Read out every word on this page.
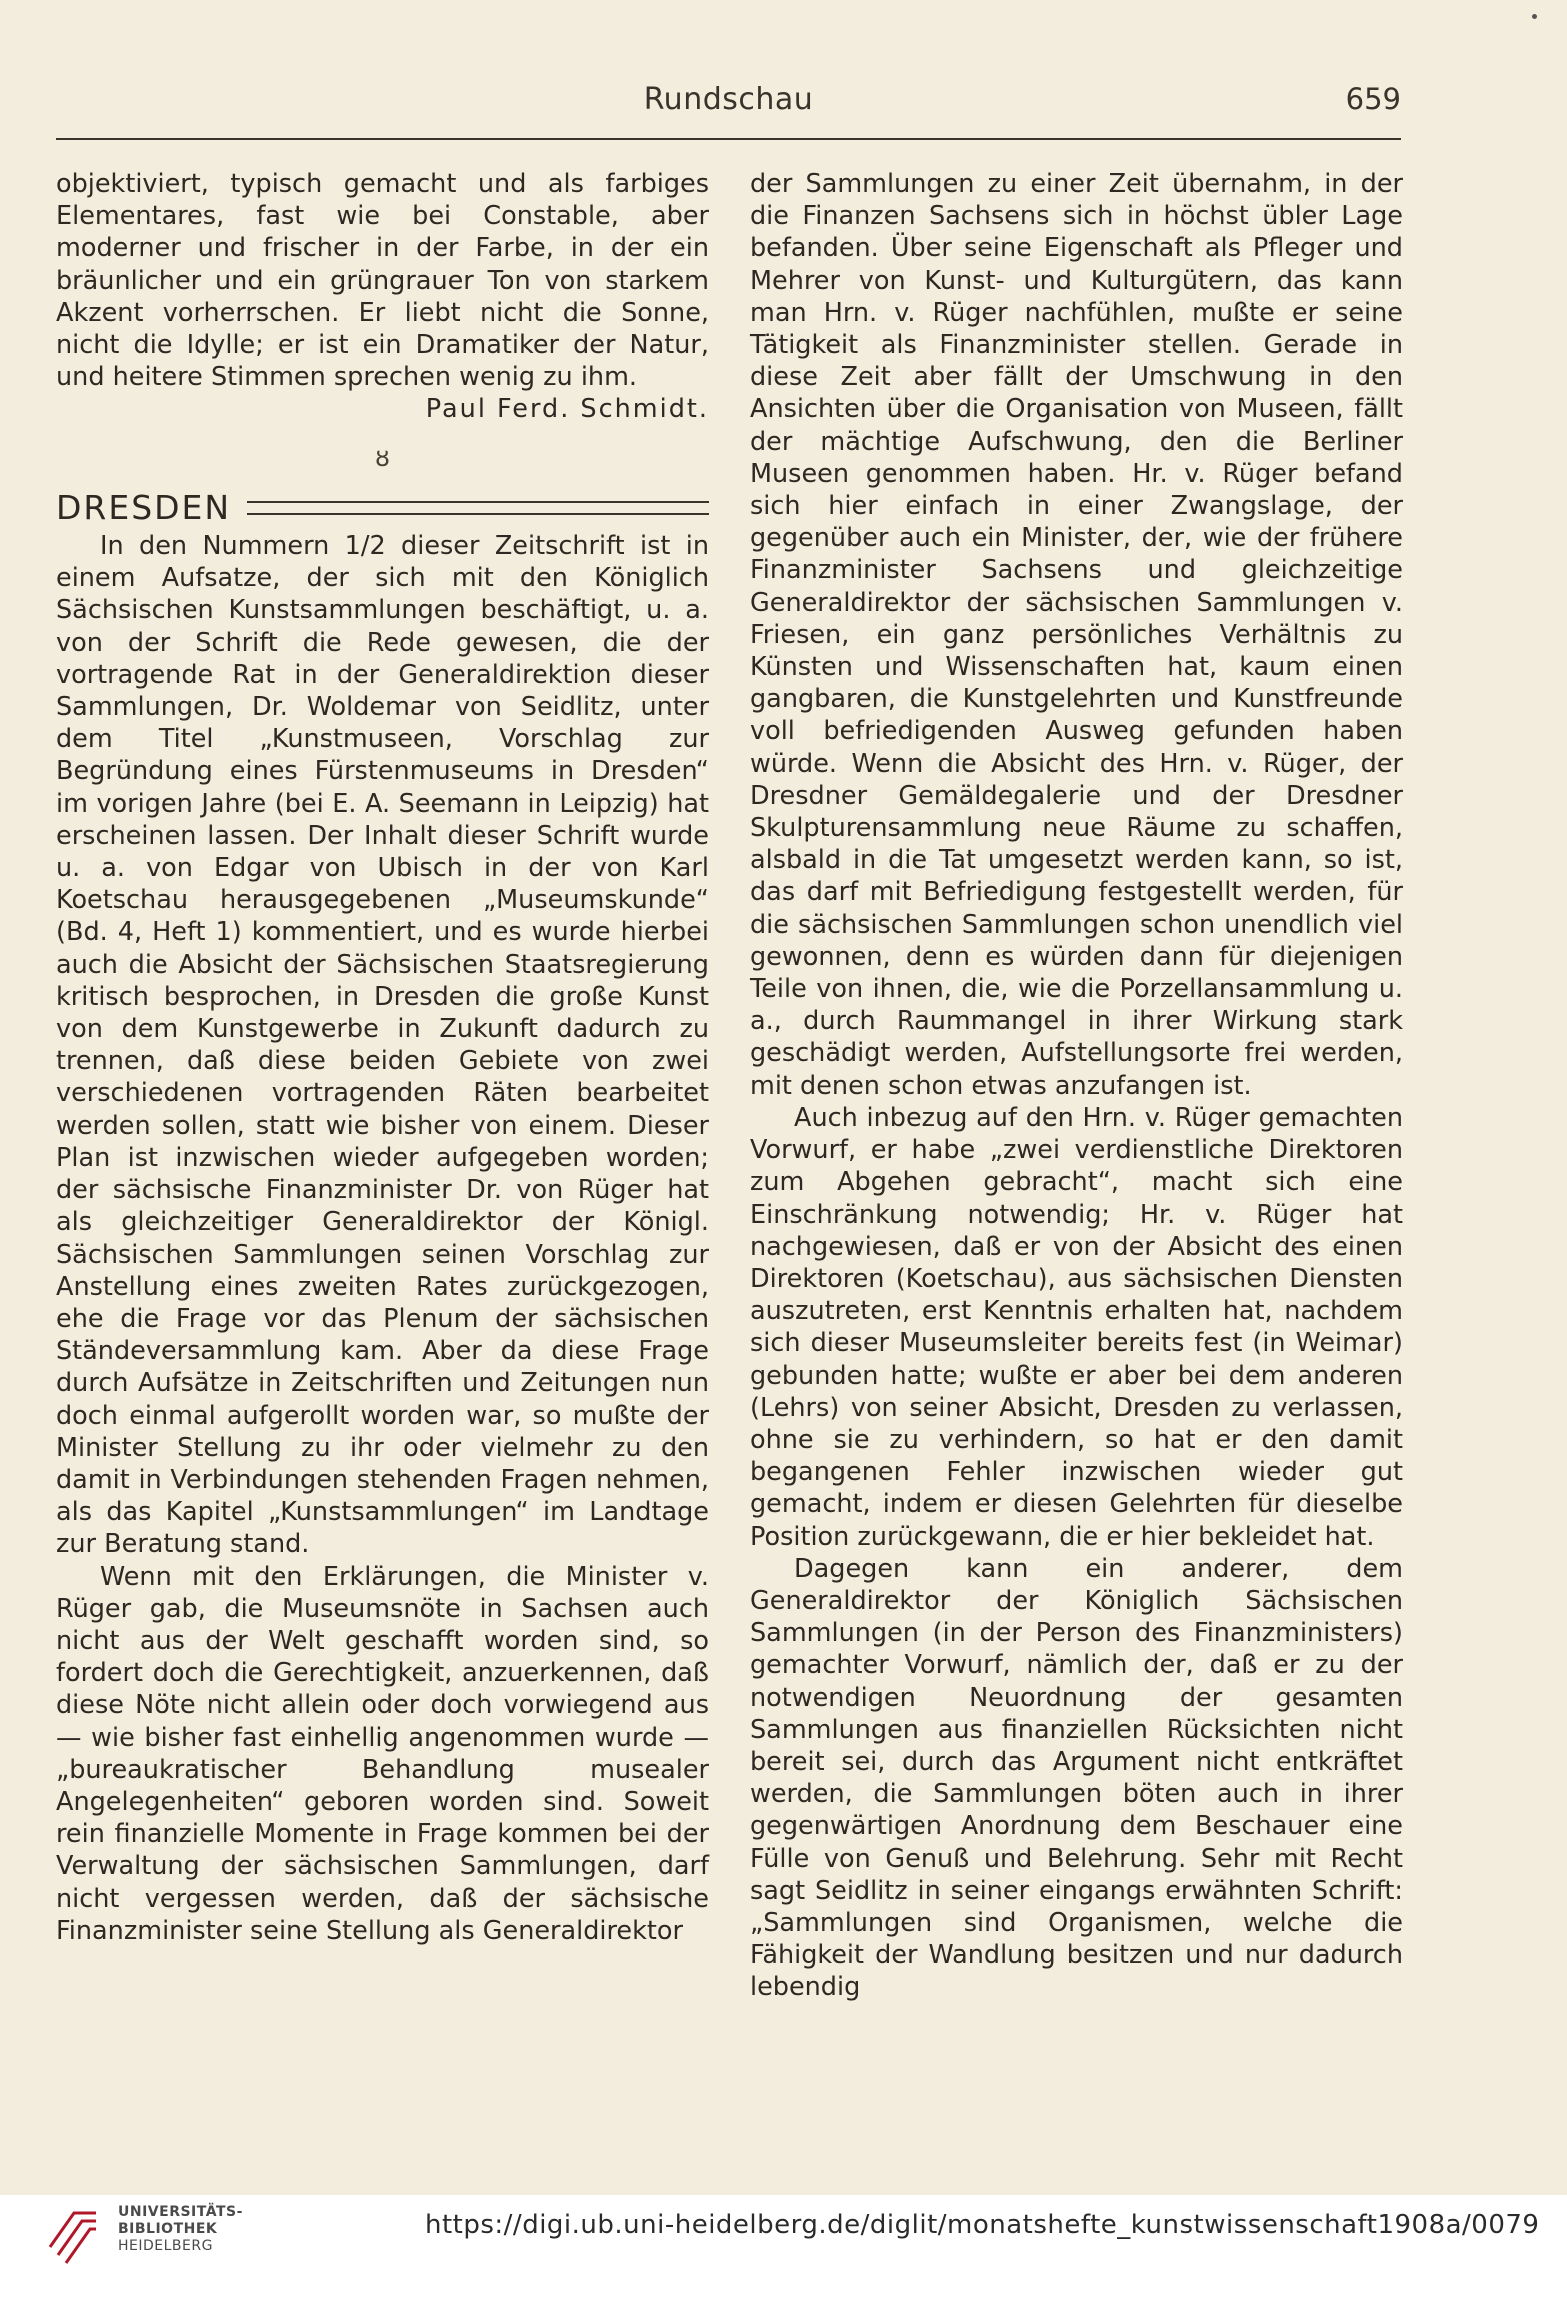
Rundschau	659

objektiviert, typisch gemacht und als farbiges Elementares, fast wie bei Constable, aber moderner und frischer in der Farbe, in der ein bräunlicher und ein grüngrauer Ton von starkem Akzent vorherrschen. Er liebt nicht die Sonne, nicht die Idylle; er ist ein Dramatiker der Natur, und heitere Stimmen sprechen wenig zu ihm.

Paul Ferd. Schmidt.

ȣ
DRESDEN

In den Nummern 1/2 dieser Zeitschrift ist in einem Aufsatze, der sich mit den Königlich Sächsischen Kunstsammlungen beschäftigt, u. a. von der Schrift die Rede gewesen, die der vortragende Rat in der Generaldirektion dieser Sammlungen, Dr. Woldemar von Seidlitz, unter dem Titel „Kunstmuseen, Vorschlag zur Begründung eines Fürstenmuseums in Dresden“ im vorigen Jahre (bei E. A. Seemann in Leipzig) hat erscheinen lassen. Der Inhalt dieser Schrift wurde u. a. von Edgar von Ubisch in der von Karl Koetschau herausgegebenen „Museumskunde“ (Bd. 4, Heft 1) kommentiert, und es wurde hierbei auch die Absicht der Sächsischen Staatsregierung kritisch besprochen, in Dresden die große Kunst von dem Kunstgewerbe in Zukunft dadurch zu trennen, daß diese beiden Gebiete von zwei verschiedenen vortragenden Räten bearbeitet werden sollen, statt wie bisher von einem. Dieser Plan ist inzwischen wieder aufgegeben worden; der sächsische Finanzminister Dr. von Rüger hat als gleichzeitiger Generaldirektor der Königl. Sächsischen Sammlungen seinen Vorschlag zur Anstellung eines zweiten Rates zurückgezogen, ehe die Frage vor das Plenum der sächsischen Ständeversammlung kam. Aber da diese Frage durch Aufsätze in Zeitschriften und Zeitungen nun doch einmal aufgerollt worden war, so mußte der Minister Stellung zu ihr oder vielmehr zu den damit in Verbindungen stehenden Fragen nehmen, als das Kapitel „Kunstsammlungen“ im Landtage zur Beratung stand.

Wenn mit den Erklärungen, die Minister v. Rüger gab, die Museumsnöte in Sachsen auch nicht aus der Welt geschafft worden sind, so fordert doch die Gerechtigkeit, anzuerkennen, daß diese Nöte nicht allein oder doch vorwiegend aus — wie bisher fast einhellig angenommen wurde — „bureaukratischer Behandlung musealer Angelegenheiten“ geboren worden sind. Soweit rein finanzielle Momente in Frage kommen bei der Verwaltung der sächsischen Sammlungen, darf nicht vergessen werden, daß der sächsische Finanzminister seine Stellung als Generaldirektor

der Sammlungen zu einer Zeit übernahm, in der die Finanzen Sachsens sich in höchst übler Lage befanden. Über seine Eigenschaft als Pfleger und Mehrer von Kunst- und Kulturgütern, das kann man Hrn. v. Rüger nachfühlen, mußte er seine Tätigkeit als Finanzminister stellen. Gerade in diese Zeit aber fällt der Umschwung in den Ansichten über die Organisation von Museen, fällt der mächtige Aufschwung, den die Berliner Museen genommen haben. Hr. v. Rüger befand sich hier einfach in einer Zwangslage, der gegenüber auch ein Minister, der, wie der frühere Finanzminister Sachsens und gleichzeitige Generaldirektor der sächsischen Sammlungen v. Friesen, ein ganz persönliches Verhältnis zu Künsten und Wissenschaften hat, kaum einen gangbaren, die Kunstgelehrten und Kunstfreunde voll befriedigenden Ausweg gefunden haben würde. Wenn die Absicht des Hrn. v. Rüger, der Dresdner Gemäldegalerie und der Dresdner Skulpturensammlung neue Räume zu schaffen, alsbald in die Tat umgesetzt werden kann, so ist, das darf mit Befriedigung festgestellt werden, für die sächsischen Sammlungen schon unendlich viel gewonnen, denn es würden dann für diejenigen Teile von ihnen, die, wie die Porzellansammlung u. a., durch Raummangel in ihrer Wirkung stark geschädigt werden, Aufstellungsorte frei werden, mit denen schon etwas anzufangen ist.

Auch inbezug auf den Hrn. v. Rüger gemachten Vorwurf, er habe „zwei verdienstliche Direktoren zum Abgehen gebracht“, macht sich eine Einschränkung notwendig; Hr. v. Rüger hat nachgewiesen, daß er von der Absicht des einen Direktoren (Koetschau), aus sächsischen Diensten auszutreten, erst Kenntnis erhalten hat, nachdem sich dieser Museumsleiter bereits fest (in Weimar) gebunden hatte; wußte er aber bei dem anderen (Lehrs) von seiner Absicht, Dresden zu verlassen, ohne sie zu verhindern, so hat er den damit begangenen Fehler inzwischen wieder gut gemacht, indem er diesen Gelehrten für dieselbe Position zurückgewann, die er hier bekleidet hat.

Dagegen kann ein anderer, dem Generaldirektor der Königlich Sächsischen Sammlungen (in der Person des Finanzministers) gemachter Vorwurf, nämlich der, daß er zu der notwendigen Neuordnung der gesamten Sammlungen aus finanziellen Rücksichten nicht bereit sei, durch das Argument nicht entkräftet werden, die Sammlungen böten auch in ihrer gegenwärtigen Anordnung dem Beschauer eine Fülle von Genuß und Belehrung. Sehr mit Recht sagt Seidlitz in seiner eingangs erwähnten Schrift: „Sammlungen sind Organismen, welche die Fähigkeit der Wandlung besitzen und nur dadurch lebendig

UNIVERSITÄTS-
BIBLIOTHEK
HEIDELBERG
https://digi.ub.uni-heidelberg.de/diglit/monatshefte_kunstwissenschaft1908a/0079
